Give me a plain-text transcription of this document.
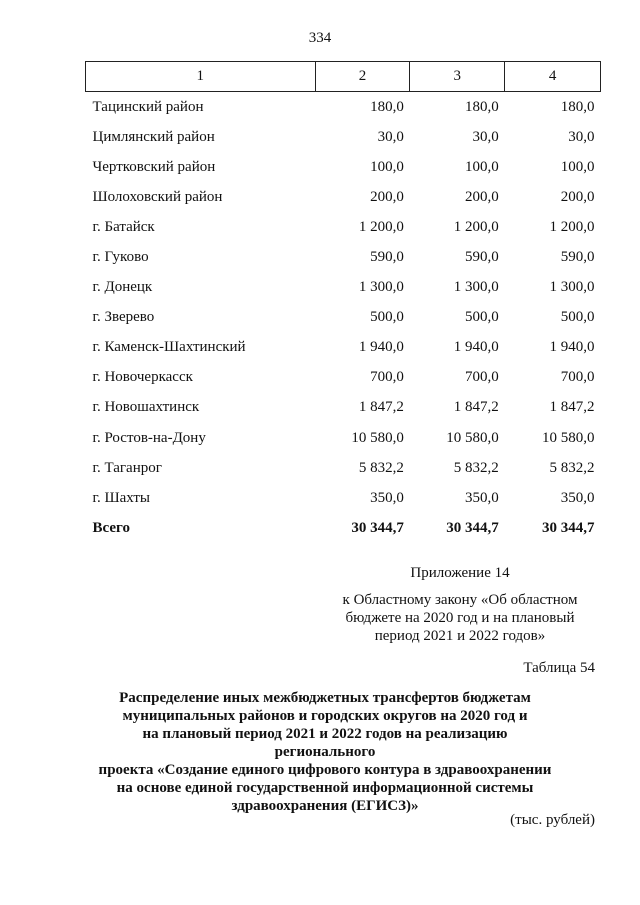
334
1	2	3	4
Тацинский район	180,0	180,0	180,0
Цимлянский район	30,0	30,0	30,0
Чертковский район	100,0	100,0	100,0
Шолоховский район	200,0	200,0	200,0
г. Батайск	1 200,0	1 200,0	1 200,0
г. Гуково	590,0	590,0	590,0
г. Донецк	1 300,0	1 300,0	1 300,0
г. Зверево	500,0	500,0	500,0
г. Каменск-Шахтинский	1 940,0	1 940,0	1 940,0
г. Новочеркасск	700,0	700,0	700,0
г. Новошахтинск	1 847,2	1 847,2	1 847,2
г. Ростов-на-Дону	10 580,0	10 580,0	10 580,0
г. Таганрог	5 832,2	5 832,2	5 832,2
г. Шахты	350,0	350,0	350,0
Всего	30 344,7	30 344,7	30 344,7
Приложение 14
к Областному закону «Об областном
бюджете на 2020 год и на плановый
период 2021 и 2022 годов»
Таблица 54
Распределение иных межбюджетных трансфертов бюджетам
муниципальных районов и городских округов на 2020 год и
на плановый период 2021 и 2022 годов на реализацию регионального
проекта «Создание единого цифрового контура в здравоохранении
на основе единой государственной информационной системы
здравоохранения (ЕГИСЗ)»
(тыс. рублей)
